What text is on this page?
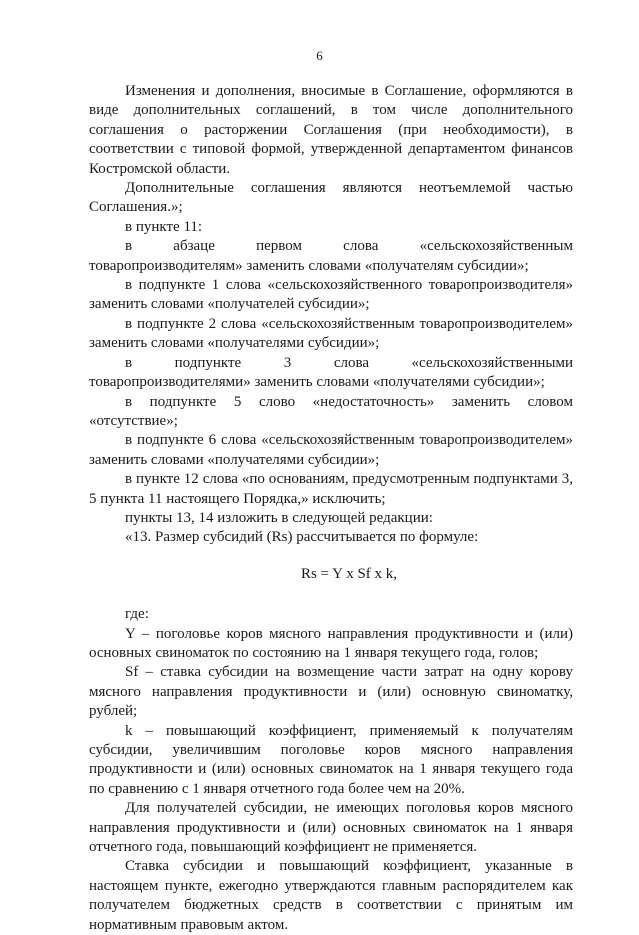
6

Изменения и дополнения, вносимые в Соглашение, оформляются в виде дополнительных соглашений, в том числе дополнительного соглашения о расторжении Соглашения (при необходимости), в соответствии с типовой формой, утвержденной департаментом финансов Костромской области.

Дополнительные соглашения являются неотъемлемой частью Соглашения.»;

в пункте 11:

в абзаце первом слова «сельскохозяйственным товаропроизводителям» заменить словами «получателям субсидии»;

в подпункте 1 слова «сельскохозяйственного товаропроизводителя» заменить словами «получателей субсидии»;

в подпункте 2 слова «сельскохозяйственным товаропроизводителем» заменить словами «получателями субсидии»;

в подпункте 3 слова «сельскохозяйственными товаропроизводителями» заменить словами «получателями субсидии»;

в подпункте 5 слово «недостаточность» заменить словом «отсутствие»;

в подпункте 6 слова «сельскохозяйственным товаропроизводителем» заменить словами «получателями субсидии»;

в пункте 12 слова «по основаниям, предусмотренным подпунктами 3, 5 пункта 11 настоящего Порядка,» исключить;

пункты 13, 14 изложить в следующей редакции:

«13. Размер субсидий (Rs) рассчитывается по формуле:

Rs = Y x Sf x k,

где:

Y – поголовье коров мясного направления продуктивности и (или) основных свиноматок по состоянию на 1 января текущего года, голов;

Sf – ставка субсидии на возмещение части затрат на одну корову мясного направления продуктивности и (или) основную свиноматку, рублей;

k – повышающий коэффициент, применяемый к получателям субсидии, увеличившим поголовье коров мясного направления продуктивности и (или) основных свиноматок на 1 января текущего года по сравнению с 1 января отчетного года более чем на 20%.

Для получателей субсидии, не имеющих поголовья коров мясного направления продуктивности и (или) основных свиноматок на 1 января отчетного года, повышающий коэффициент не применяется.

Ставка субсидии и повышающий коэффициент, указанные в настоящем пункте, ежегодно утверждаются главным распорядителем как получателем бюджетных средств в соответствии с принятым им нормативным правовым актом.
